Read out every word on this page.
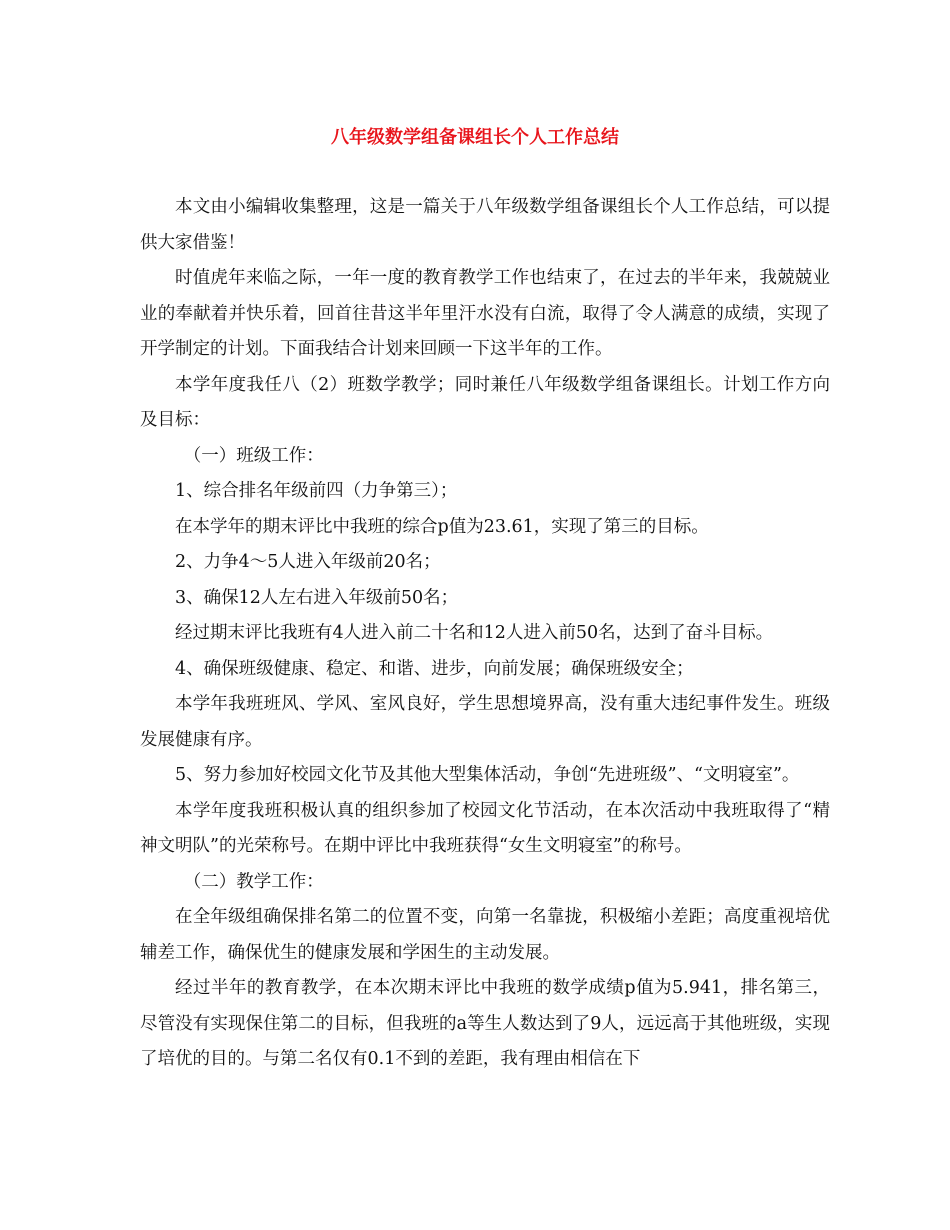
八年级数学组备课组长个人工作总结

本文由小编辑收集整理，这是一篇关于八年级数学组备课组长个人工作总结，可以提供大家借鉴！

时值虎年来临之际，一年一度的教育教学工作也结束了，在过去的半年来，我兢兢业业的奉献着并快乐着，回首往昔这半年里汗水没有白流，取得了令人满意的成绩，实现了开学制定的计划。下面我结合计划来回顾一下这半年的工作。

本学年度我任八（2）班数学教学；同时兼任八年级数学组备课组长。计划工作方向及目标：

（一）班级工作：

1、综合排名年级前四（力争第三）；

在本学年的期末评比中我班的综合p值为23.61，实现了第三的目标。

2、力争4～5人进入年级前20名；

3、确保12人左右进入年级前50名；

经过期末评比我班有4人进入前二十名和12人进入前50名，达到了奋斗目标。

4、确保班级健康、稳定、和谐、进步，向前发展；确保班级安全；

本学年我班班风、学风、室风良好，学生思想境界高，没有重大违纪事件发生。班级发展健康有序。

5、努力参加好校园文化节及其他大型集体活动，争创“先进班级”、“文明寝室”。

本学年度我班积极认真的组织参加了校园文化节活动，在本次活动中我班取得了“精神文明队”的光荣称号。在期中评比中我班获得“女生文明寝室”的称号。

（二）教学工作：

在全年级组确保排名第二的位置不变，向第一名靠拢，积极缩小差距；高度重视培优辅差工作，确保优生的健康发展和学困生的主动发展。

经过半年的教育教学，在本次期末评比中我班的数学成绩p值为5.941，排名第三，尽管没有实现保住第二的目标，但我班的a等生人数达到了9人，远远高于其他班级，实现了培优的目的。与第二名仅有0.1不到的差距，我有理由相信在下
